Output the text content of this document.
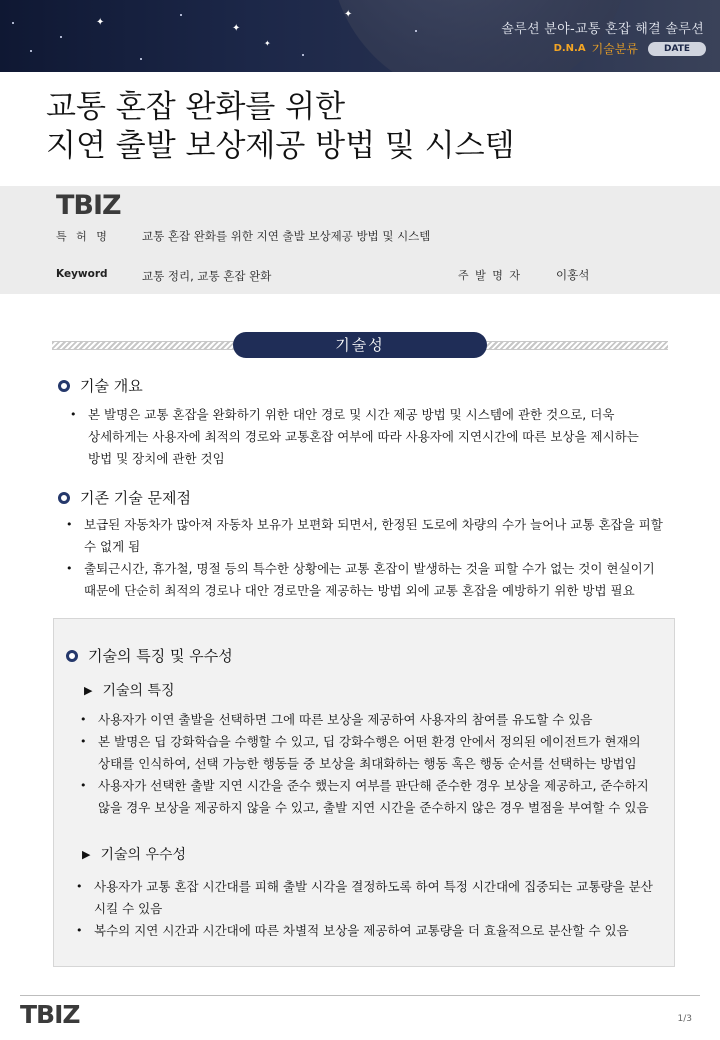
✦
✦
✦
✦
솔루션 분야-교통 혼잡 해결 솔루션
D.N.A 기술분류	DATE
교통 혼잡 완화를 위한
지연 출발 보상제공 방법 및 시스템
TBIZ
특 허 명	교통 혼잡 완화를 위한 지연 출발 보상제공 방법 및 시스템
Keyword	교통 정리, 교통 혼잡 완화	주 발 명 자	이홍석
기술성
기술 개요
• 본 발명은 교통 혼잡을 완화하기 위한 대안 경로 및 시간 제공 방법 및 시스템에 관한 것으로, 더욱
상세하게는 사용자에 최적의 경로와 교통혼잡 여부에 따라 사용자에 지연시간에 따른 보상을 제시하는
방법 및 장치에 관한 것임
기존 기술 문제점
• 보급된 자동차가 많아져 자동차 보유가 보편화 되면서, 한정된 도로에 차량의 수가 늘어나 교통 혼잡을 피할
수 없게 됨
• 출퇴근시간, 휴가철, 명절 등의 특수한 상황에는 교통 혼잡이 발생하는 것을 피할 수가 없는 것이 현실이기
때문에 단순히 최적의 경로나 대안 경로만을 제공하는 방법 외에 교통 혼잡을 예방하기 위한 방법 필요
기술의 특징 및 우수성
▶ 기술의 특징
• 사용자가 이연 출발을 선택하면 그에 따른 보상을 제공하여 사용자의 참여를 유도할 수 있음
• 본 발명은 딥 강화학습을 수행할 수 있고, 딥 강화수행은 어떤 환경 안에서 정의된 에이전트가 현재의
상태를 인식하여, 선택 가능한 행동들 중 보상을 최대화하는 행동 혹은 행동 순서를 선택하는 방법임
• 사용자가 선택한 출발 지연 시간을 준수 했는지 여부를 판단해 준수한 경우 보상을 제공하고, 준수하지
않을 경우 보상을 제공하지 않을 수 있고, 출발 지연 시간을 준수하지 않은 경우 벌점을 부여할 수 있음
▶ 기술의 우수성
• 사용자가 교통 혼잡 시간대를 피해 출발 시각을 결정하도록 하여 특정 시간대에 집중되는 교통량을 분산
시킬 수 있음
• 복수의 지연 시간과 시간대에 따른 차별적 보상을 제공하여 교통량을 더 효율적으로 분산할 수 있음
TBIZ	1/3
